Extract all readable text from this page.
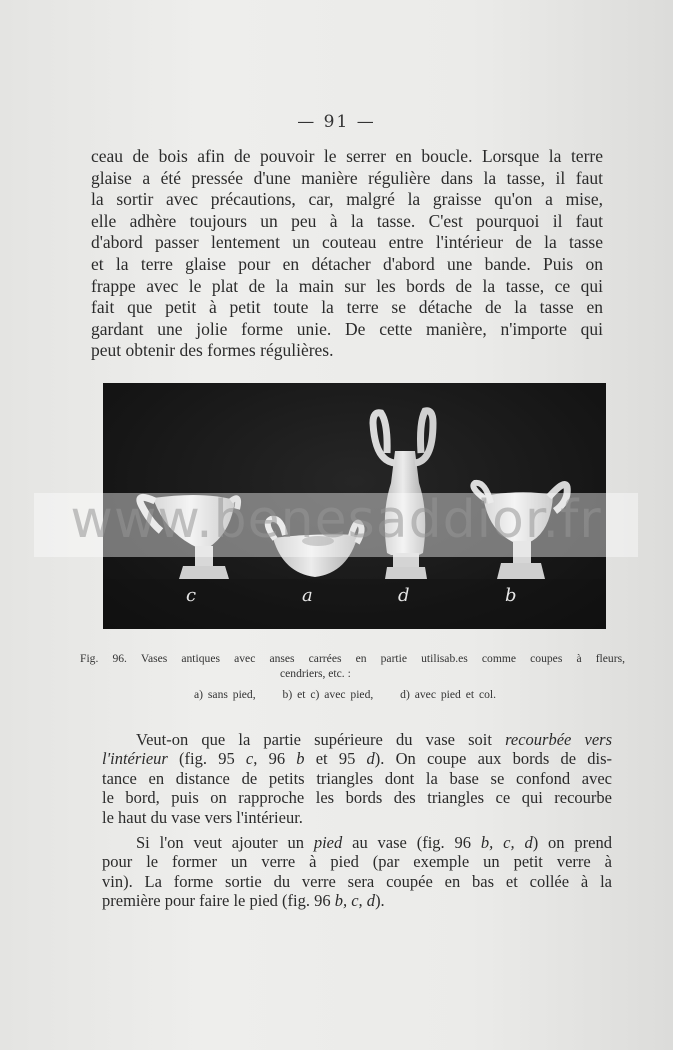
— 91 —

ceau de bois afin de pouvoir le serrer en boucle. Lorsque la terre
glaise a été pressée d'une manière régulière dans la tasse, il faut
la sortir avec précautions, car, malgré la graisse qu'on a mise,
elle adhère toujours un peu à la tasse. C'est pourquoi il faut
d'abord passer lentement un couteau entre l'intérieur de la tasse
et la terre glaise pour en détacher d'abord une bande. Puis on
frappe avec le plat de la main sur les bords de la tasse, ce qui
fait que petit à petit toute la terre se détache de la tasse en
gardant une jolie forme unie. De cette manière, n'importe qui
peut obtenir des formes régulières.

c	a	d	b
www.benesaddior.fr
Fig. 96. Vases antiques avec anses carrées en partie utilisab.es comme coupes à fleurs,
cendriers, etc. :
a) sans pied, b) et c) avec pied, d) avec pied et col.

Veut-on que la partie supérieure du vase soit recourbée vers
l'intérieur (fig. 95 c, 96 b et 95 d). On coupe aux bords de dis-
tance en distance de petits triangles dont la base se confond avec
le bord, puis on rapproche les bords des triangles ce qui recourbe
le haut du vase vers l'intérieur.

Si l'on veut ajouter un pied au vase (fig. 96 b, c, d) on prend
pour le former un verre à pied (par exemple un petit verre à
vin). La forme sortie du verre sera coupée en bas et collée à la
première pour faire le pied (fig. 96 b, c, d).
